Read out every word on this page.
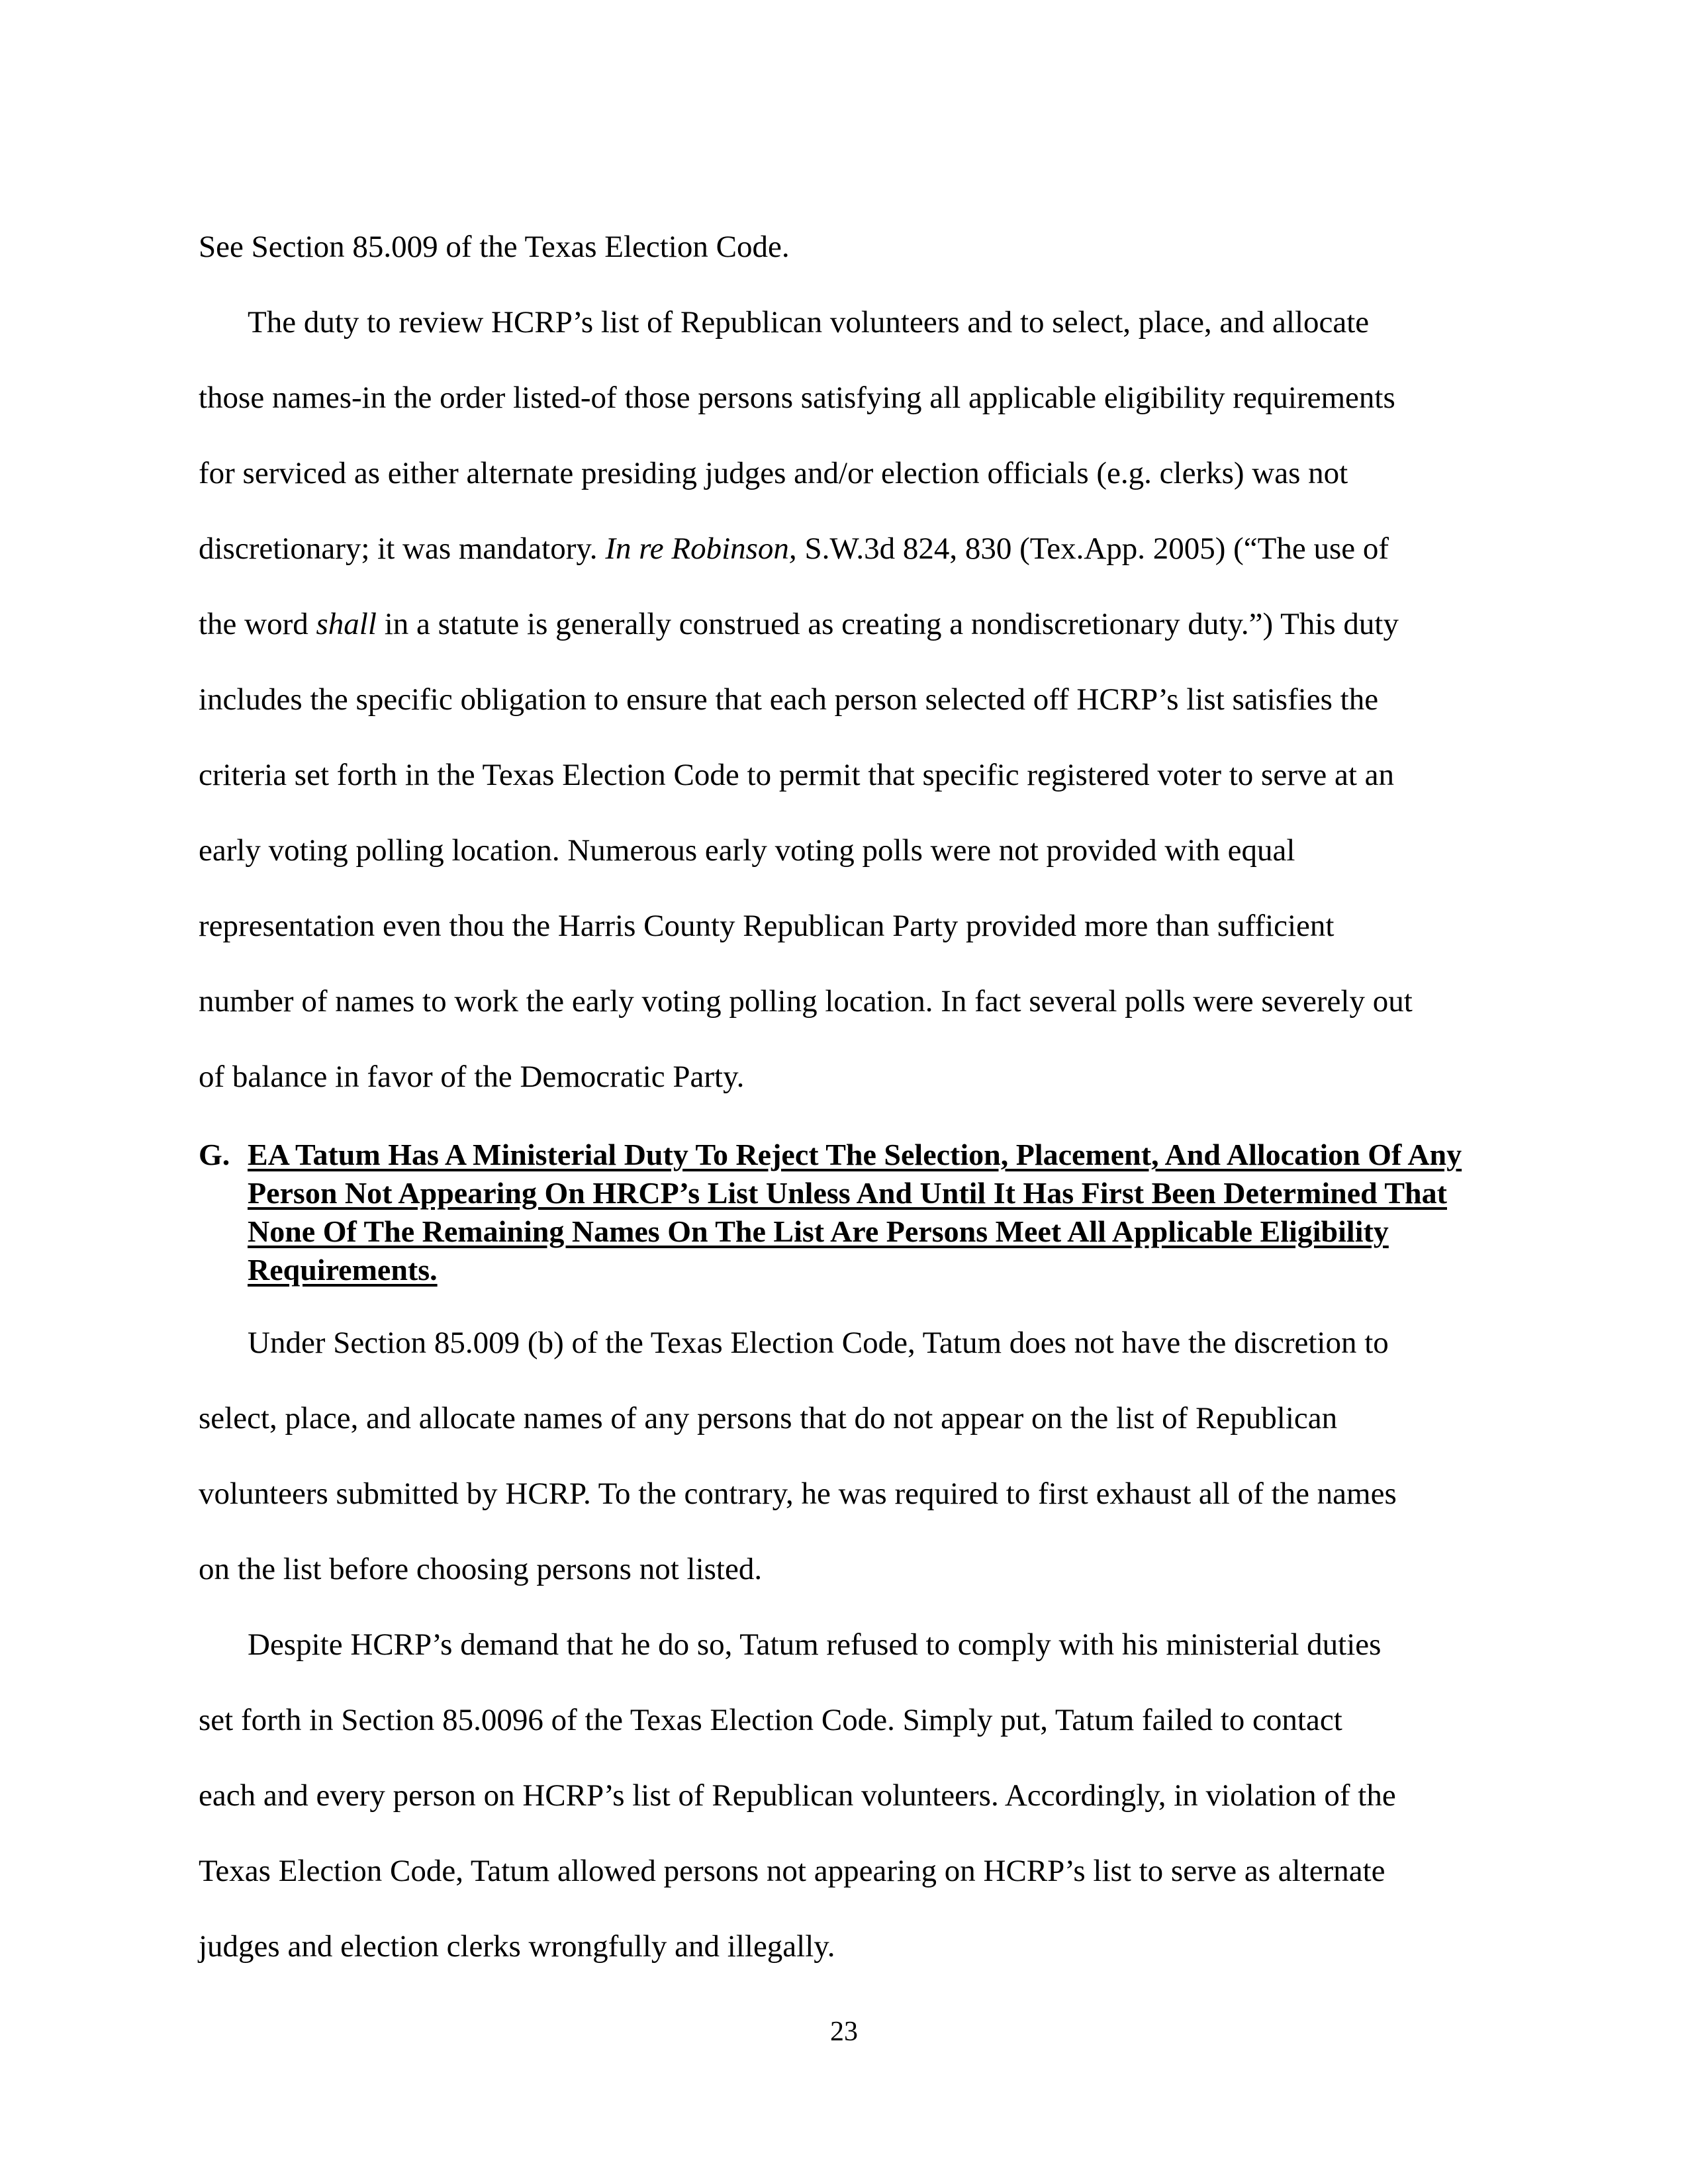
See Section 85.009 of the Texas Election Code.

The duty to review HCRP’s list of Republican volunteers and to select, place, and allocate

those names-in the order listed-of those persons satisfying all applicable eligibility requirements

for serviced as either alternate presiding judges and/or election officials (e.g. clerks) was not

discretionary; it was mandatory. In re Robinson, S.W.3d 824, 830 (Tex.App. 2005) (“The use of

the word shall in a statute is generally construed as creating a nondiscretionary duty.”) This duty

includes the specific obligation to ensure that each person selected off HCRP’s list satisfies the

criteria set forth in the Texas Election Code to permit that specific registered voter to serve at an

early voting polling location. Numerous early voting polls were not provided with equal

representation even thou the Harris County Republican Party provided more than sufficient

number of names to work the early voting polling location. In fact several polls were severely out

of balance in favor of the Democratic Party.

G. EA Tatum Has A Ministerial Duty To Reject The Selection, Placement, And Allocation Of Any Person Not Appearing On HRCP’s List Unless And Until It Has First Been Determined That None Of The Remaining Names On The List Are Persons Meet All Applicable Eligibility Requirements.

Under Section 85.009 (b) of the Texas Election Code, Tatum does not have the discretion to

select, place, and allocate names of any persons that do not appear on the list of Republican

volunteers submitted by HCRP. To the contrary, he was required to first exhaust all of the names

on the list before choosing persons not listed.

Despite HCRP’s demand that he do so, Tatum refused to comply with his ministerial duties

set forth in Section 85.0096 of the Texas Election Code. Simply put, Tatum failed to contact

each and every person on HCRP’s list of Republican volunteers. Accordingly, in violation of the

Texas Election Code, Tatum allowed persons not appearing on HCRP’s list to serve as alternate

judges and election clerks wrongfully and illegally.

23
